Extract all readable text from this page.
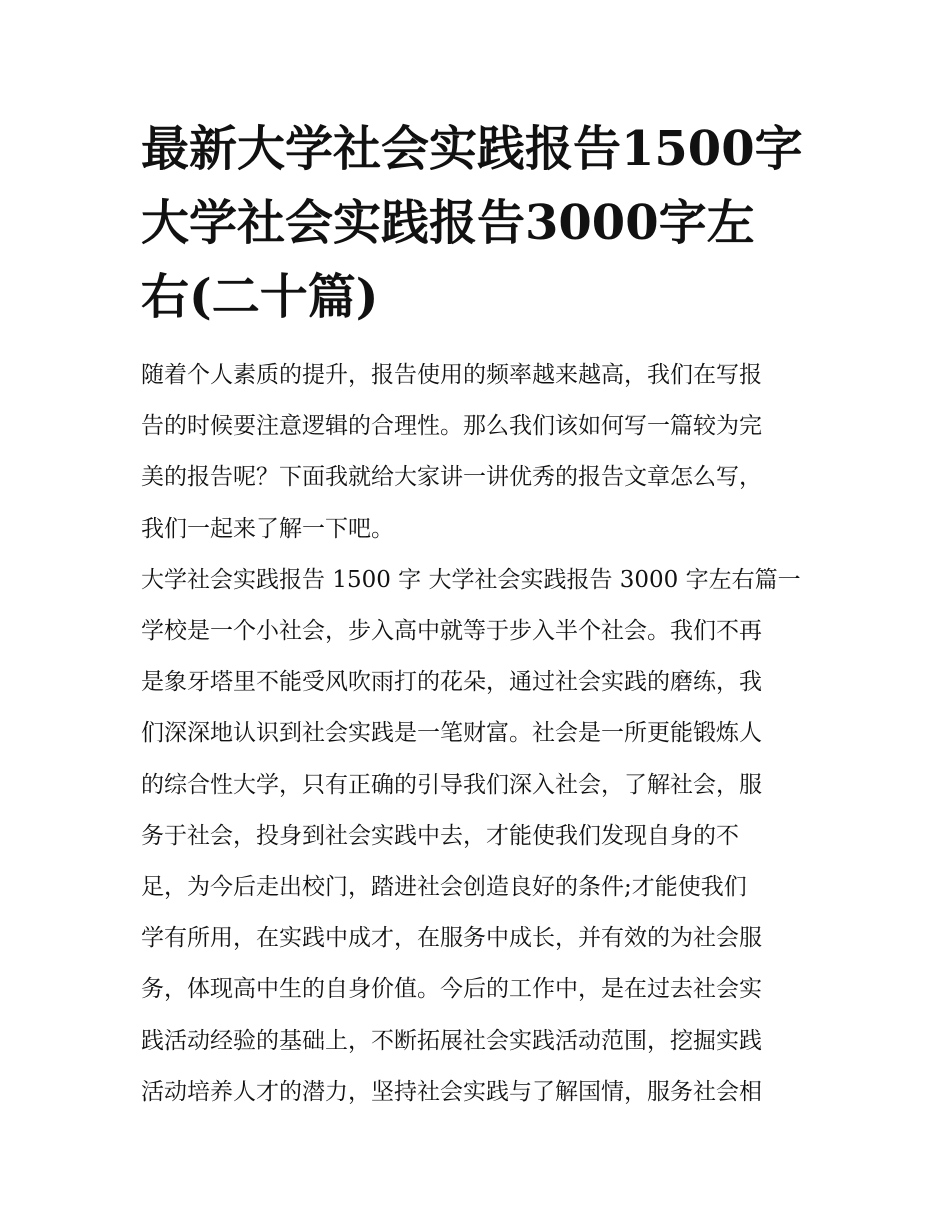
最新大学社会实践报告1500字
大学社会实践报告3000字左
右(二十篇)

随着个人素质的提升，报告使用的频率越来越高，我们在写报
告的时候要注意逻辑的合理性。那么我们该如何写一篇较为完
美的报告呢？下面我就给大家讲一讲优秀的报告文章怎么写，
我们一起来了解一下吧。

大学社会实践报告 1500 字 大学社会实践报告 3000 字左右篇一
学校是一个小社会，步入高中就等于步入半个社会。我们不再
是象牙塔里不能受风吹雨打的花朵，通过社会实践的磨练，我
们深深地认识到社会实践是一笔财富。社会是一所更能锻炼人
的综合性大学，只有正确的引导我们深入社会，了解社会，服
务于社会，投身到社会实践中去，才能使我们发现自身的不
足，为今后走出校门，踏进社会创造良好的条件;才能使我们
学有所用，在实践中成才，在服务中成长，并有效的为社会服
务，体现高中生的自身价值。今后的工作中，是在过去社会实
践活动经验的基础上，不断拓展社会实践活动范围，挖掘实践
活动培养人才的潜力，坚持社会实践与了解国情，服务社会相
